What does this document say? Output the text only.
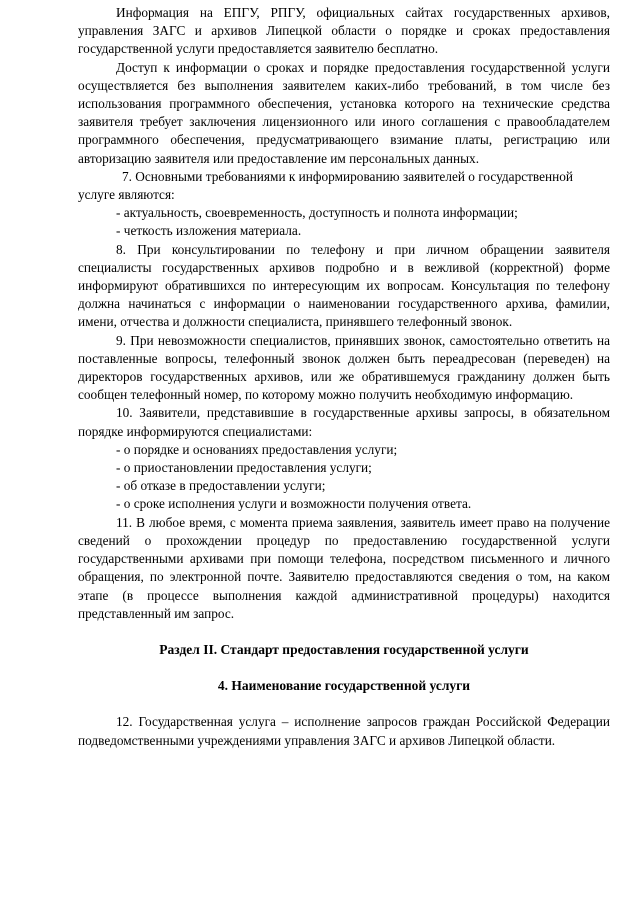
Информация на ЕПГУ, РПГУ, официальных сайтах государственных архивов, управления ЗАГС и архивов Липецкой области о порядке и сроках предоставления государственной услуги предоставляется заявителю бесплатно.

Доступ к информации о сроках и порядке предоставления государственной услуги осуществляется без выполнения заявителем каких-либо требований, в том числе без использования программного обеспечения, установка которого на технические средства заявителя требует заключения лицензионного или иного соглашения с правообладателем программного обеспечения, предусматривающего взимание платы, регистрацию или авторизацию заявителя или предоставление им персональных данных.

7. Основными требованиями к информированию заявителей о государственной услуге являются:

- актуальность, своевременность, доступность и полнота информации;

- четкость изложения материала.

8. При консультировании по телефону и при личном обращении заявителя специалисты государственных архивов подробно и в вежливой (корректной) форме информируют обратившихся по интересующим их вопросам. Консультация по телефону должна начинаться с информации о наименовании государственного архива, фамилии, имени, отчества и должности специалиста, принявшего телефонный звонок.

9. При невозможности специалистов, принявших звонок, самостоятельно ответить на поставленные вопросы, телефонный звонок должен быть переадресован (переведен) на директоров государственных архивов, или же обратившемуся гражданину должен быть сообщен телефонный номер, по которому можно получить необходимую информацию.

10. Заявители, представившие в государственные архивы запросы, в обязательном порядке информируются специалистами:

- о порядке и основаниях предоставления услуги;

- о приостановлении предоставления услуги;

- об отказе в предоставлении услуги;

- о сроке исполнения услуги и возможности получения ответа.

11. В любое время, с момента приема заявления, заявитель имеет право на получение сведений о прохождении процедур по предоставлению государственной услуги государственными архивами при помощи телефона, посредством письменного и личного обращения, по электронной почте. Заявителю предоставляются сведения о том, на каком этапе (в процессе выполнения каждой административной процедуры) находится представленный им запрос.

Раздел II. Стандарт предоставления государственной услуги

4. Наименование государственной услуги

12. Государственная услуга – исполнение запросов граждан Российской Федерации подведомственными учреждениями управления ЗАГС и архивов Липецкой области.
